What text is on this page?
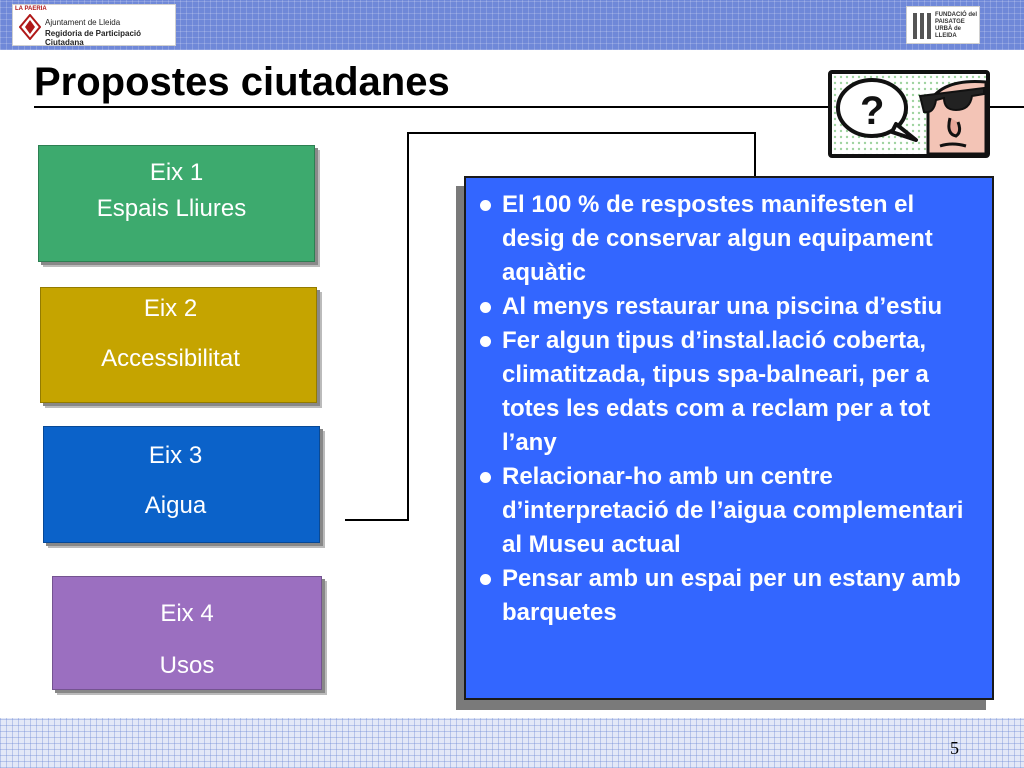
LA PAERIA
Ajuntament de Lleida
Regidoria de Participació Ciutadana
FUNDACIÓ del
PAISATGE
URBÀ de
LLEIDA
Propostes ciutadanes
?
Eix 1
Espais Lliures
Eix 2
Accessibilitat
Eix 3
Aigua
Eix 4
Usos
El 100 % de respostes manifesten el desig de conservar algun equipament aquàtic
Al menys restaurar una piscina d’estiu
Fer algun tipus d’instal.lació coberta, climatitzada, tipus spa-balneari, per a totes les edats com a reclam per a tot l’any
Relacionar-ho amb un centre d’interpretació de l’aigua complementari al Museu actual
Pensar amb un espai per un estany amb barquetes
5
